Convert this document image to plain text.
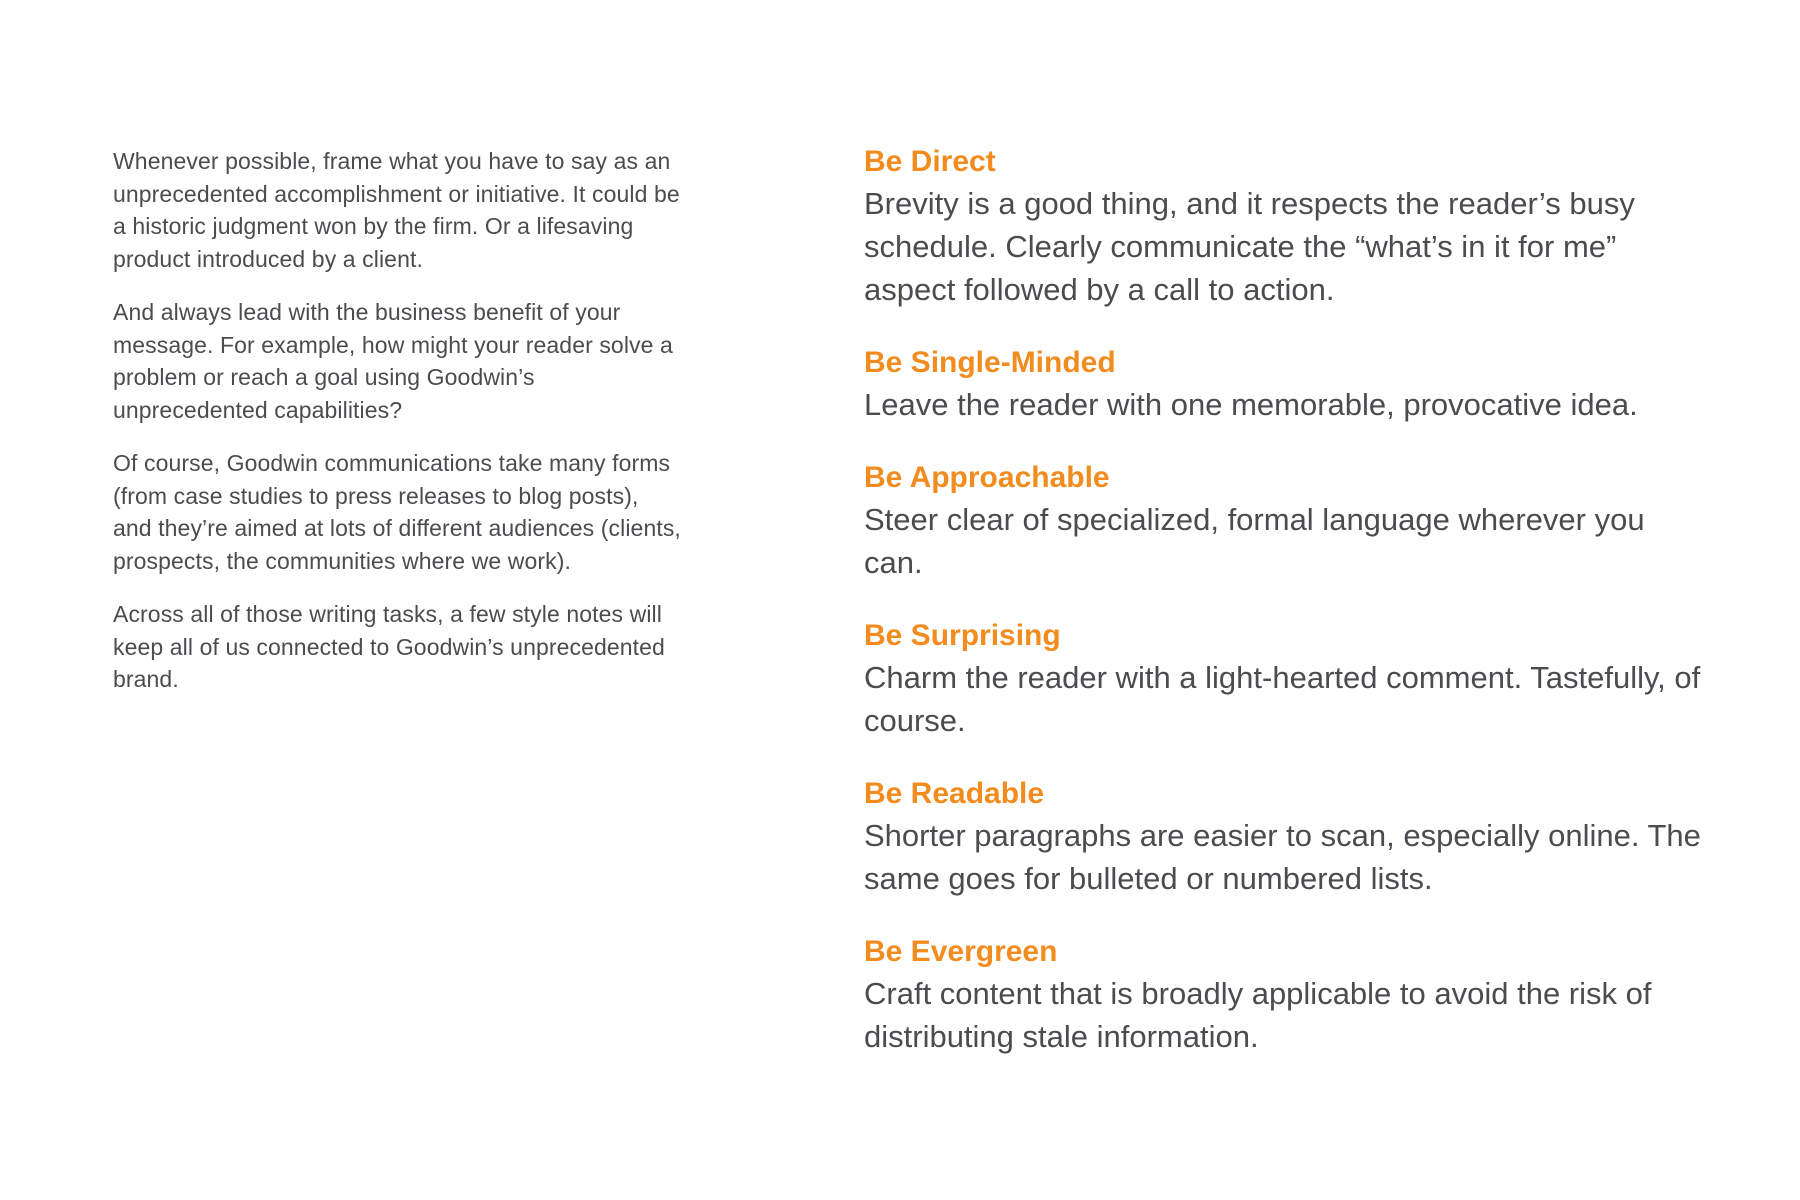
Whenever possible, frame what you have to say as an unprecedented accomplishment or initiative. It could be a historic judgment won by the firm. Or a lifesaving product introduced by a client.

And always lead with the business benefit of your message. For example, how might your reader solve a problem or reach a goal using Goodwin’s unprecedented capabilities?

Of course, Goodwin communications take many forms (from case studies to press releases to blog posts), and they’re aimed at lots of different audiences (clients, prospects, the communities where we work).

Across all of those writing tasks, a few style notes will keep all of us connected to Goodwin’s unprecedented brand.

Be Direct

Brevity is a good thing, and it respects the reader’s busy schedule. Clearly communicate the “what’s in it for me” aspect followed by a call to action.

Be Single-Minded

Leave the reader with one memorable, provocative idea.

Be Approachable

Steer clear of specialized, formal language wherever you can.

Be Surprising

Charm the reader with a light-hearted comment. Tastefully, of course.

Be Readable

Shorter paragraphs are easier to scan, especially online. The same goes for bulleted or numbered lists.

Be Evergreen

Craft content that is broadly applicable to avoid the risk of distributing stale information.
